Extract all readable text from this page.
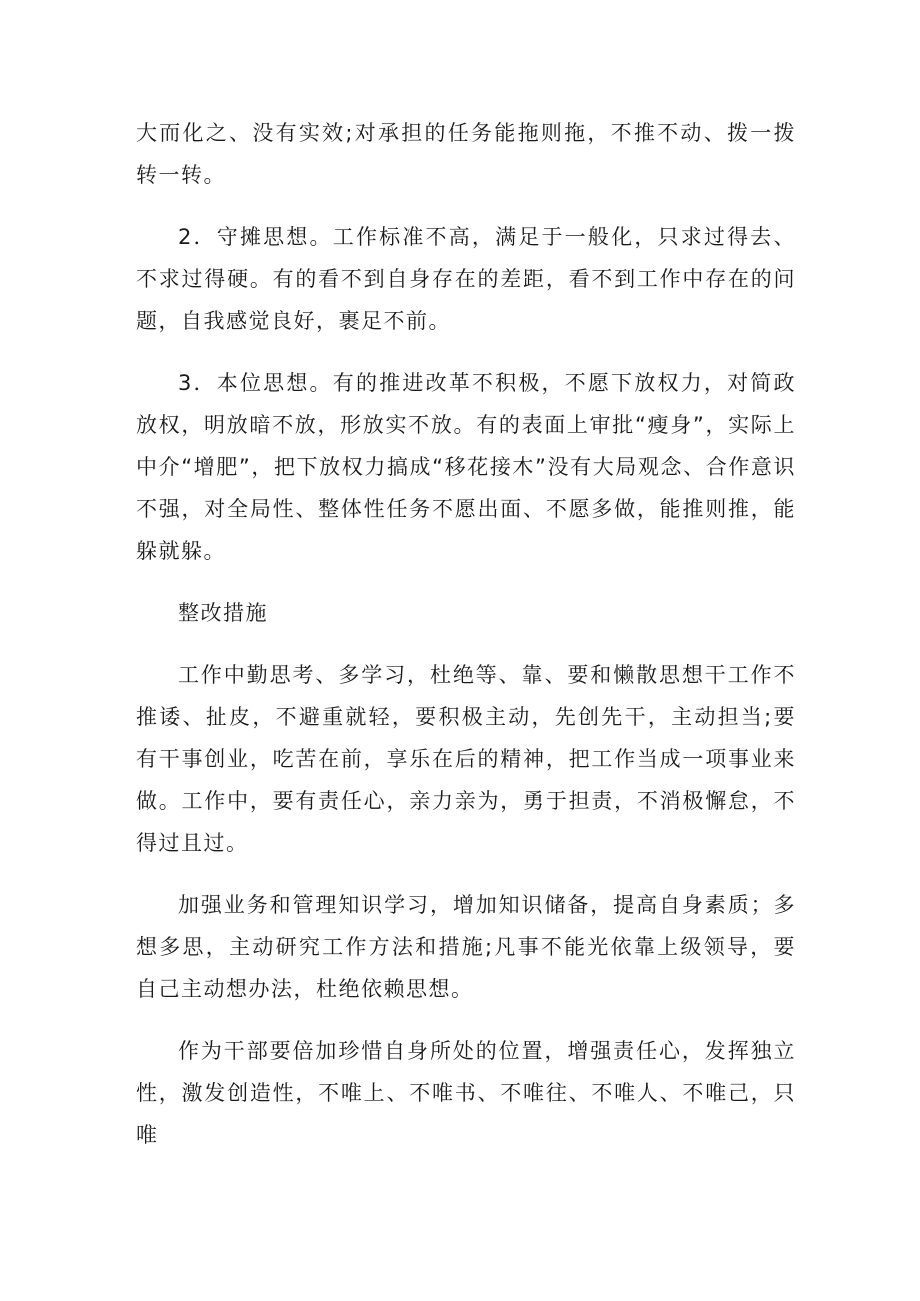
大而化之、没有实效;对承担的任务能拖则拖，不推不动、拨一拨转一转。

2．守摊思想。工作标准不高，满足于一般化，只求过得去、不求过得硬。有的看不到自身存在的差距，看不到工作中存在的问题，自我感觉良好，裹足不前。

3．本位思想。有的推进改革不积极，不愿下放权力，对简政放权，明放暗不放，形放实不放。有的表面上审批“瘦身”，实际上中介“增肥”，把下放权力搞成“移花接木”没有大局观念、合作意识不强，对全局性、整体性任务不愿出面、不愿多做，能推则推，能躲就躲。

整改措施

工作中勤思考、多学习，杜绝等、靠、要和懒散思想干工作不推诿、扯皮，不避重就轻，要积极主动，先创先干，主动担当;要有干事创业，吃苦在前，享乐在后的精神，把工作当成一项事业来做。工作中，要有责任心，亲力亲为，勇于担责，不消极懈怠，不得过且过。

加强业务和管理知识学习，增加知识储备，提高自身素质；多想多思，主动研究工作方法和措施;凡事不能光依靠上级领导，要自己主动想办法，杜绝依赖思想。

作为干部要倍加珍惜自身所处的位置，增强责任心，发挥独立性，激发创造性，不唯上、不唯书、不唯往、不唯人、不唯己，只唯
